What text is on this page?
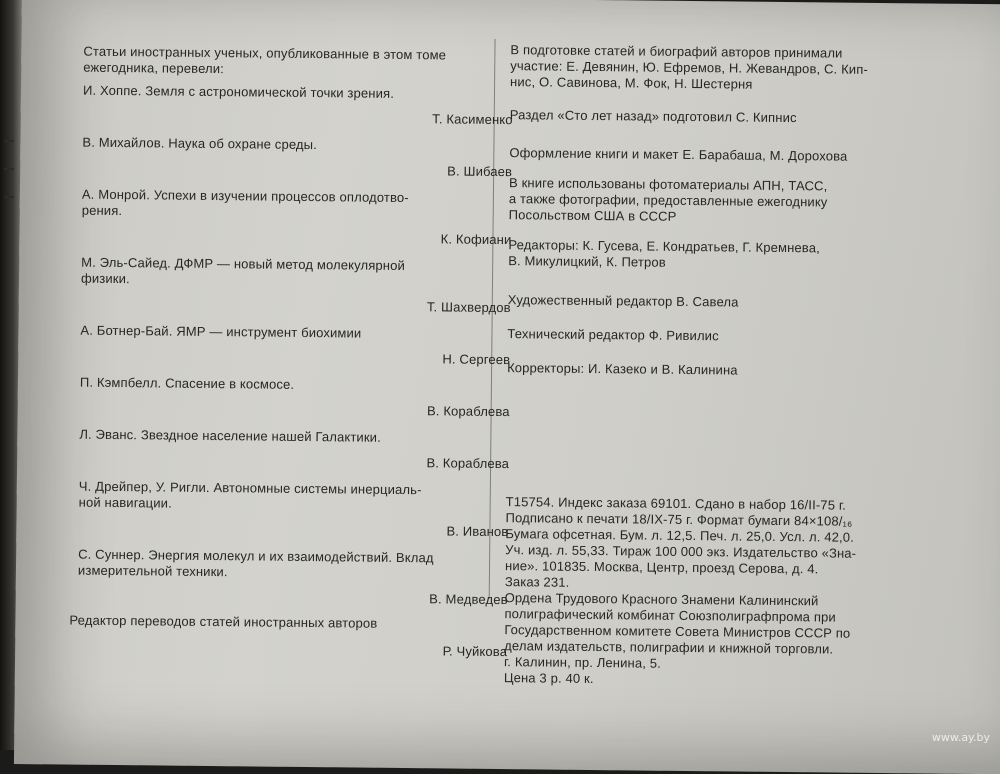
Статьи иностранных ученых, опубликованные в этом томе
ежегодника, перевели:

И. Хоппе. Земля с астрономической точки зрения.

Т. Касименко

В. Михайлов. Наука об охране среды.

В. Шибаев

А. Монрой. Успехи в изучении процессов оплодотво-
рения.

К. Кофиани

М. Эль-Сайед. ДФМР — новый метод молекулярной
физики.

Т. Шахвердов

А. Ботнер-Бай. ЯМР — инструмент биохимии

Н. Сергеев

П. Кэмпбелл. Спасение в космосе.

В. Кораблева

Л. Эванс. Звездное население нашей Галактики.

В. Кораблева

Ч. Дрейпер, У. Ригли. Автономные системы инерциаль-
ной навигации.

В. Иванов

С. Суннер. Энергия молекул и их взаимодействий. Вклад
измерительной техники.

В. Медведев

Редактор переводов статей иностранных авторов

Р. Чуйкова

В подготовке статей и биографий авторов принимали
участие: Е. Девянин, Ю. Ефремов, Н. Жевандров, С. Кип-
нис, О. Савинова, М. Фок, Н. Шестерня

Раздел «Сто лет назад» подготовил С. Кипнис

Оформление книги и макет Е. Барабаша, М. Дорохова

В книге использованы фотоматериалы АПН, ТАСС,
а также фотографии, предоставленные ежегоднику
Посольством США в СССР

Редакторы: К. Гусева, Е. Кондратьев, Г. Кремнева,
В. Микулицкий, К. Петров

Художественный редактор В. Савела

Технический редактор Ф. Ривилис

Корректоры: И. Казеко и В. Калинина

Т15754. Индекс заказа 69101. Сдано в набор 16/II-75 г.
Подписано к печати 18/IX-75 г. Формат бумаги 84×108/₁₆
Бумага офсетная. Бум. л. 12,5. Печ. л. 25,0. Усл. л. 42,0.
Уч. изд. л. 55,33. Тираж 100 000 экз. Издательство «Зна-
ние». 101835. Москва, Центр, проезд Серова, д. 4.
Заказ 231.

Ордена Трудового Красного Знамени Калининский
полиграфический комбинат Союзполиграфпрома при
Государственном комитете Совета Министров СССР по
делам издательств, полиграфии и книжной торговли.
г. Калинин, пр. Ленина, 5.

Цена 3 р. 40 к.

www.ay.by
